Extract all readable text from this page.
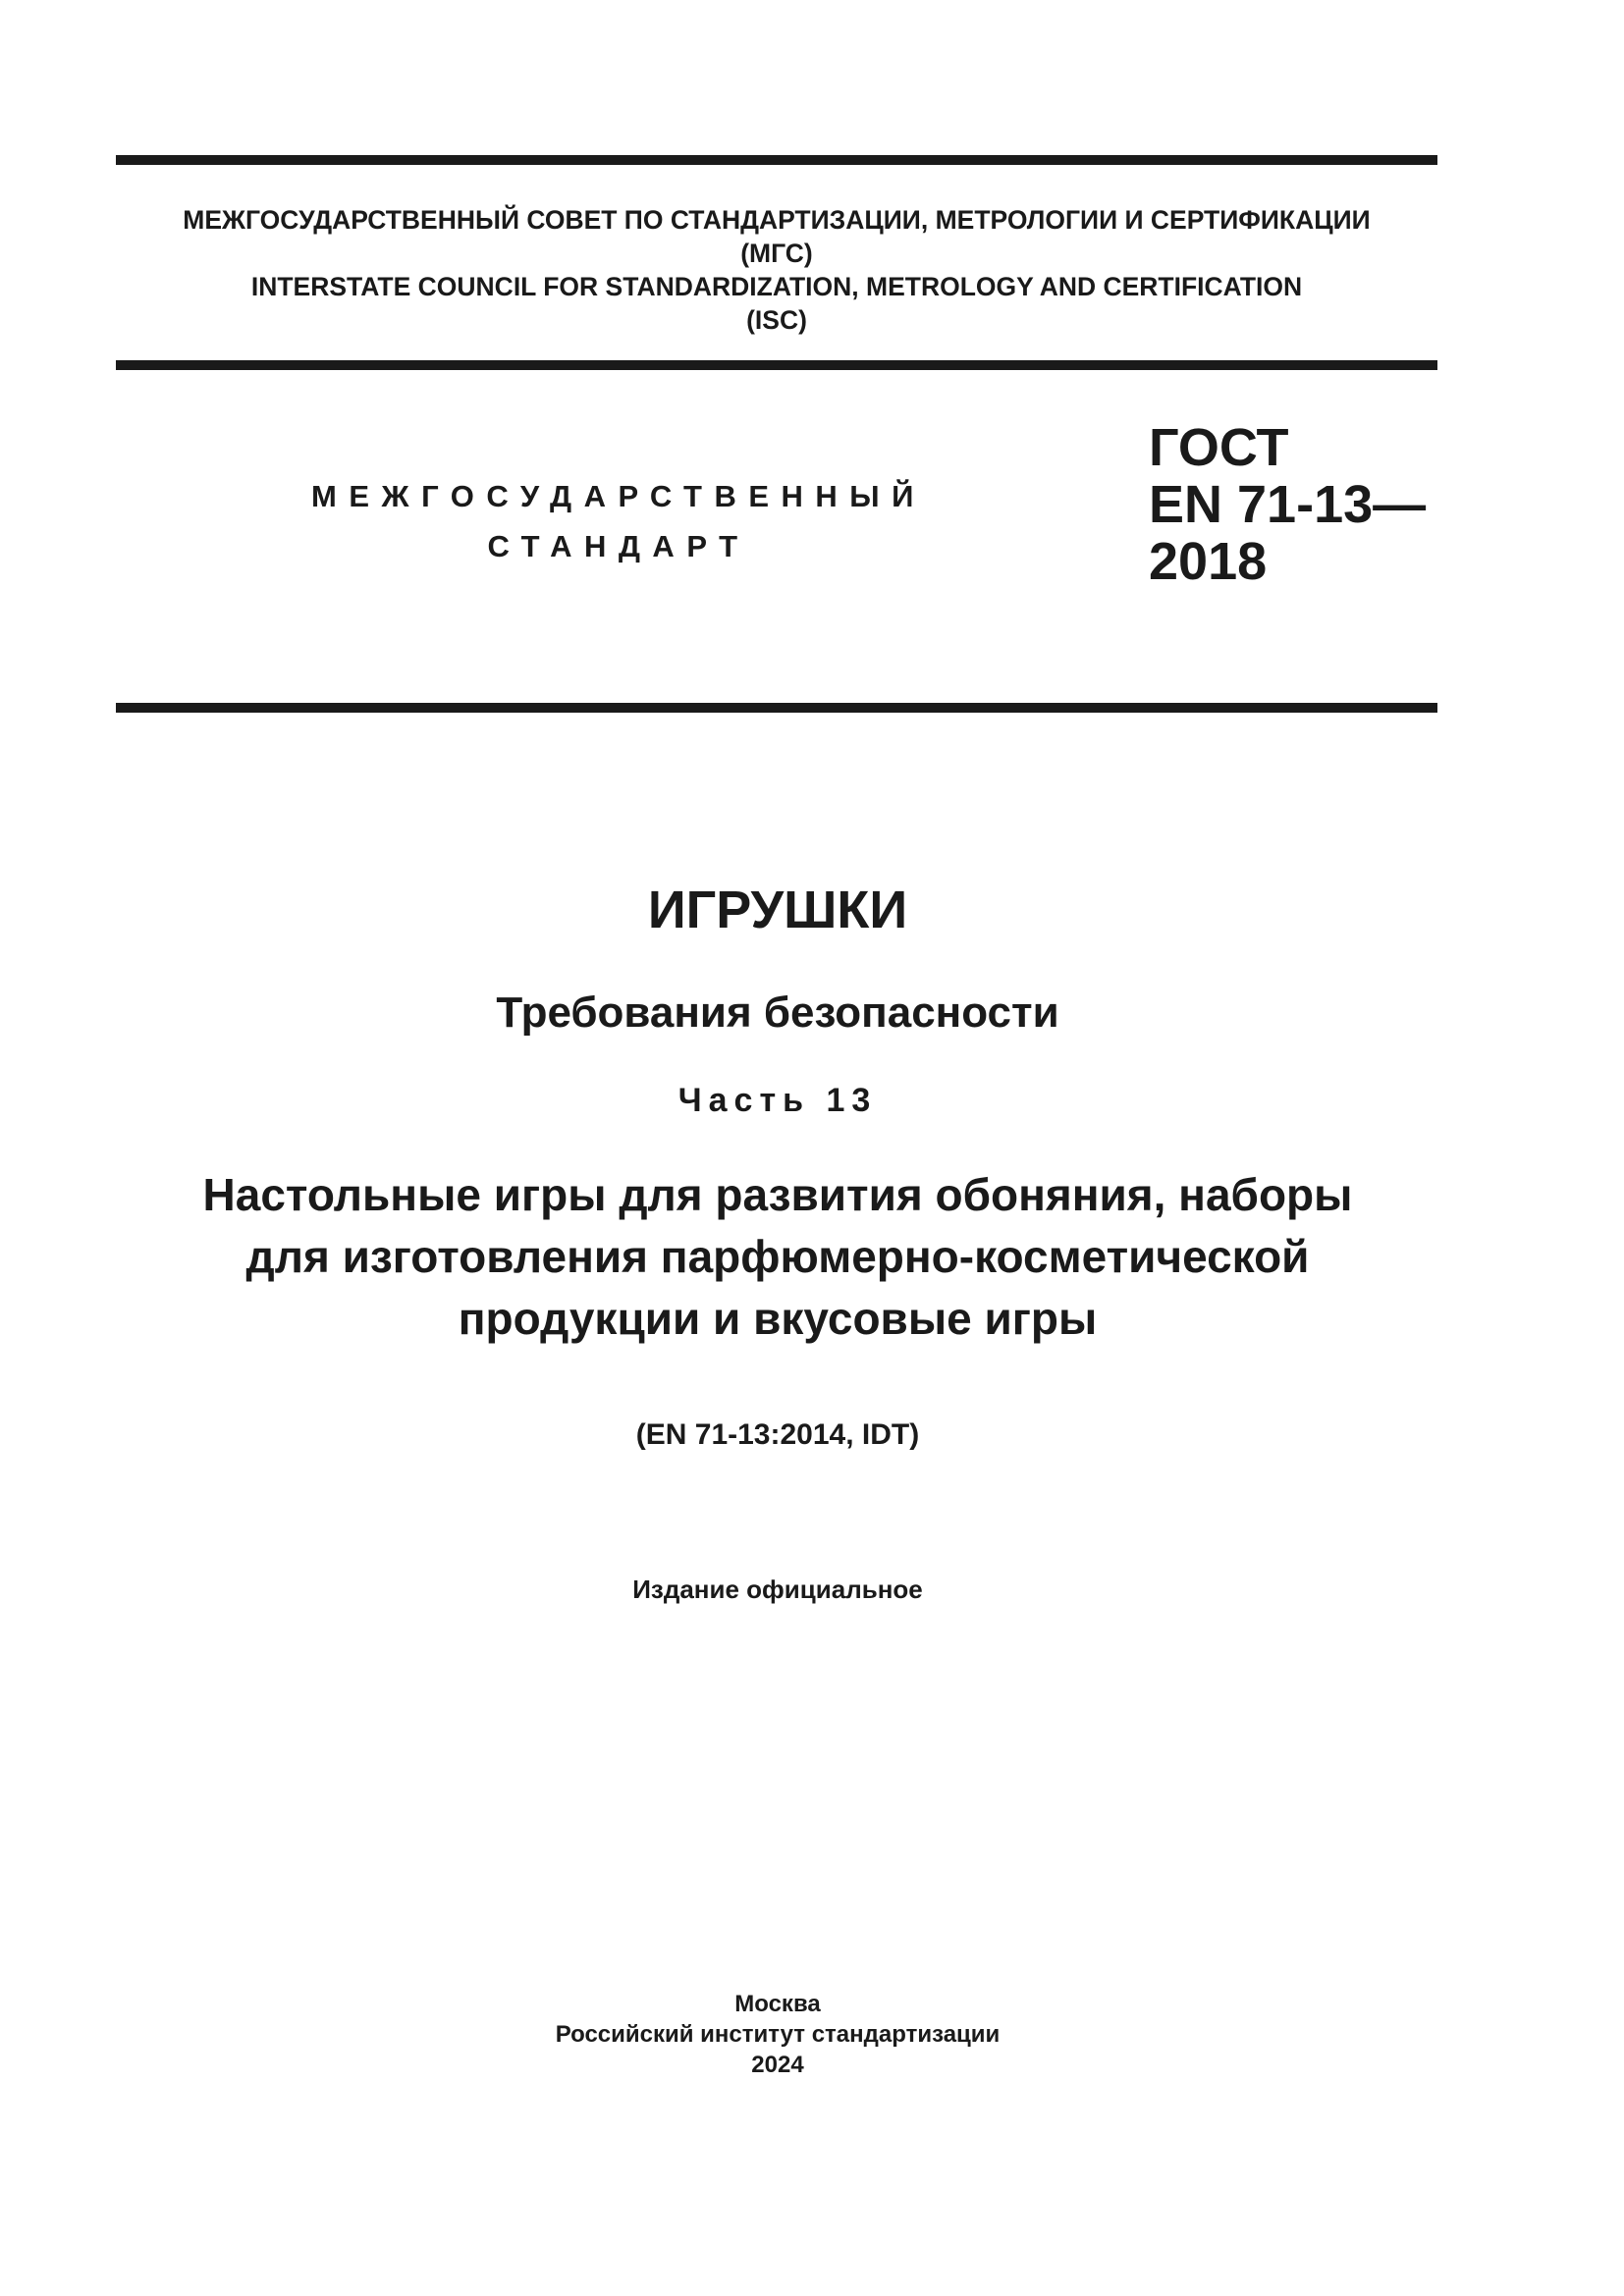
МЕЖГОСУДАРСТВЕННЫЙ СОВЕТ ПО СТАНДАРТИЗАЦИИ, МЕТРОЛОГИИ И СЕРТИФИКАЦИИ
(МГС)
INTERSTATE COUNCIL FOR STANDARDIZATION, METROLOGY AND CERTIFICATION
(ISC)
МЕЖГОСУДАРСТВЕННЫЙ
СТАНДАРТ
ГОСТ
EN 71-13—
2018
ИГРУШКИ
Требования безопасности
Часть 13
Настольные игры для развития обоняния, наборы
для изготовления парфюмерно-косметической
продукции и вкусовые игры
(EN 71-13:2014, IDT)
Издание официальное
Москва
Российский институт стандартизации
2024
